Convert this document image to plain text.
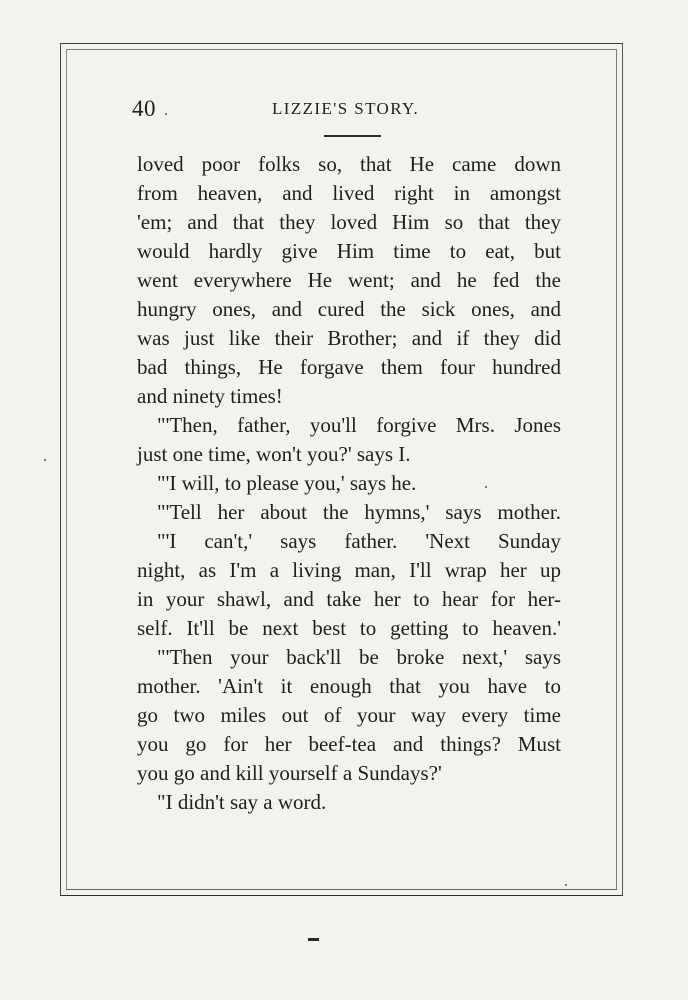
40	LIZZIE'S STORY.
loved poor folks so, that He came down
from heaven, and lived right in amongst
'em; and that they loved Him so that they
would hardly give Him time to eat, but
went everywhere He went; and he fed the
hungry ones, and cured the sick ones, and
was just like their Brother; and if they did
bad things, He forgave them four hundred
and ninety times!
"'Then, father, you'll forgive Mrs. Jones
just one time, won't you?' says I.
"'I will, to please you,' says he.
"'Tell her about the hymns,' says mother.
"'I can't,' says father. 'Next Sunday
night, as I'm a living man, I'll wrap her up
in your shawl, and take her to hear for her-
self. It'll be next best to getting to heaven.'
"'Then your back'll be broke next,' says
mother. 'Ain't it enough that you have to
go two miles out of your way every time
you go for her beef-tea and things? Must
you go and kill yourself a Sundays?'
"I didn't say a word.
